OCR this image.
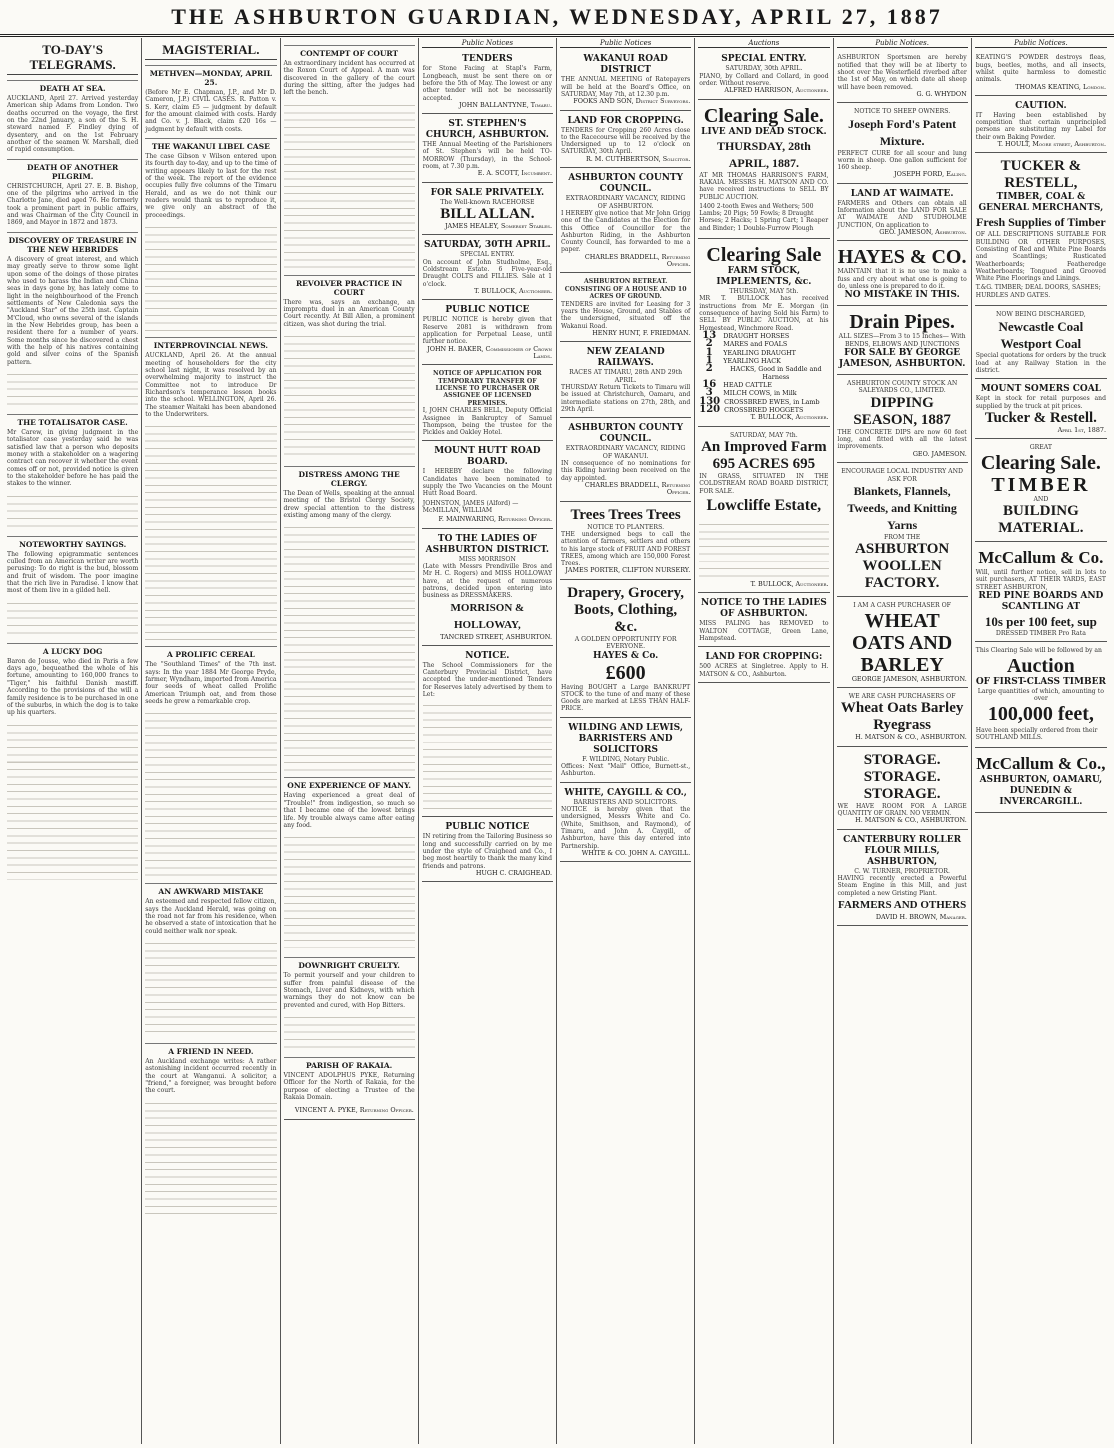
THE ASHBURTON GUARDIAN, WEDNESDAY, APRIL 27, 1887
TO-DAY'S TELEGRAMS.
DEATH AT SEA.

AUCKLAND, April 27. Arrived yesterday American ship Adams from London. Two deaths occurred on the voyage, the first on the 22nd January, a son of the S. H. steward named F. Findley dying of dysentery, and on the 1st February another of the seamen W. Marshall, died of rapid consumption.

DEATH OF ANOTHER PILGRIM.

CHRISTCHURCH, April 27. E. B. Bishop, one of the pilgrims who arrived in the Charlotte Jane, died aged 76. He formerly took a prominent part in public affairs, and was Chairman of the City Council in 1869, and Mayor in 1872 and 1873.

DISCOVERY OF TREASURE IN THE NEW HEBRIDES

A discovery of great interest, and which may greatly serve to throw some light upon some of the doings of those pirates who used to harass the Indian and China seas in days gone by, has lately come to light in the neighbourhood of the French settlements of New Caledonia says the "Auckland Star" of the 25th inst. Captain M'Cloud, who owns several of the islands in the New Hebrides group, has been a resident there for a number of years. Some months since he discovered a chest with the help of his natives containing gold and silver coins of the Spanish pattern.

THE TOTALISATOR CASE.

Mr Carew, in giving judgment in the totalisator case yesterday said he was satisfied law that a person who deposits money with a stakeholder on a wagering contract can recover it whether the event comes off or not, provided notice is given to the stakeholder before he has paid the stakes to the winner.

NOTEWORTHY SAYINGS.

The following epigrammatic sentences culled from an American writer are worth perusing: To do right is the bud, blossom and fruit of wisdom. The poor imagine that the rich live in Paradise. I know that most of them live in a gilded hell.

A LUCKY DOG

Baron de Jousse, who died in Paris a few days ago, bequeathed the whole of his fortune, amounting to 160,000 francs to "Tiger," his faithful Danish mastiff. According to the provisions of the will a family residence is to be purchased in one of the suburbs, in which the dog is to take up his quarters.

MAGISTERIAL.
METHVEN—MONDAY, APRIL 25.

(Before Mr E. Chapman, J.P., and Mr D. Cameron, J.P.) CIVIL CASES. R. Patton v. S. Kerr, claim £5 — judgment by default for the amount claimed with costs. Hardy and Co. v. J. Black, claim £20 16s — judgment by default with costs.

THE WAKANUI LIBEL CASE

The case Gibson v Wilson entered upon its fourth day to-day, and up to the time of writing appears likely to last for the rest of the week. The report of the evidence occupies fully five columns of the Timaru Herald, and as we do not think our readers would thank us to reproduce it, we give only an abstract of the proceedings.

INTERPROVINCIAL NEWS.

AUCKLAND, April 26. At the annual meeting of householders for the city school last night, it was resolved by an overwhelming majority to instruct the Committee not to introduce Dr Richardson's temperance lesson books into the school. WELLINGTON, April 26. The steamer Waitaki has been abandoned to the Underwriters.

A PROLIFIC CEREAL

The "Southland Times" of the 7th inst. says: In the year 1884 Mr George Pryde, farmer, Wyndham, imported from America four seeds of wheat called Prolific American Triumph oat, and from those seeds he grew a remarkable crop.

AN AWKWARD MISTAKE

An esteemed and respected fellow citizen, says the Auckland Herald, was going on the road not far from his residence, when he observed a state of intoxication that he could neither walk nor speak.

A FRIEND IN NEED.

An Auckland exchange writes: A rather astonishing incident occurred recently in the court at Wanganui. A solicitor, a "friend," a foreigner, was brought before the court.

CONTEMPT OF COURT

An extraordinary incident has occurred at the Roxon Court of Appeal. A man was discovered in the gallery of the court during the sitting, after the judges had left the bench.

REVOLVER PRACTICE IN COURT

There was, says an exchange, an impromptu duel in an American County Court recently. At Bill Allen, a prominent citizen, was shot during the trial.

DISTRESS AMONG THE CLERGY.

The Dean of Wells, speaking at the annual meeting of the Bristol Clergy Society, drew special attention to the distress existing among many of the clergy.

ONE EXPERIENCE OF MANY.

Having experienced a great deal of "Trouble!" from indigestion, so much so that I became one of the lowest brings life. My trouble always came after eating any food.

DOWNRIGHT CRUELTY.

To permit yourself and your children to suffer from painful disease of the Stomach, Liver and Kidneys, with which warnings they do not know can be prevented and cured, with Hop Bitters.

PARISH OF RAKAIA.

VINCENT ADOLPHUS PYKE, Returning Officer for the North of Rakaia, for the purpose of electing a Trustee of the Rakaia Domain.

VINCENT A. PYKE, Returning Officer.
Public Notices
TENDERS
for Stone Facing at Stapl's Farm, Longbeach, must be sent there on or before the 5th of May. The lowest or any other tender will not be necessarily accepted.
JOHN BALLANTYNE, Timaru.
ST. STEPHEN'S CHURCH, ASHBURTON.
THE Annual Meeting of the Parishioners of St. Stephen's will be held TO-MORROW (Thursday), in the School-room, at 7.30 p.m.
E. A. SCOTT, Incumbent.
FOR SALE PRIVATELY.
The Well-known RACEHORSE
BILL ALLAN.
JAMES HEALEY, Somerset Stables.
SATURDAY, 30TH APRIL.
SPECIAL ENTRY.
On account of John Studholme, Esq., Coldstream Estate. 6 Five-year-old Draught COLTS and FILLIES. Sale at 1 o'clock.
T. BULLOCK, Auctioneer.
PUBLIC NOTICE
PUBLIC NOTICE is hereby given that Reserve 2081 is withdrawn from application for Perpetual Lease, until further notice.
JOHN H. BAKER, Commissioner of Crown Lands.
NOTICE OF APPLICATION FOR TEMPORARY TRANSFER OF LICENSE TO PURCHASER OR ASSIGNEE OF LICENSED PREMISES.
I, JOHN CHARLES BELL, Deputy Official Assignee in Bankruptcy of Samuel Thompson, being the trustee for the Pickles and Oakley Hotel.
MOUNT HUTT ROAD BOARD.
I HEREBY declare the following Candidates have been nominated to supply the Two Vacancies on the Mount Hutt Road Board.
JOHNSTON, JAMES (Alford) — McMILLAN, WILLIAM
F. MAINWARING, Returning Officer.
TO THE LADIES OF ASHBURTON DISTRICT.
MISS MORRISON
(Late with Messrs Prendiville Bros and Mr H. C. Rogers) and MISS HOLLOWAY have, at the request of numerous patrons, decided upon entering into business as DRESSMAKERS.
MORRISON & HOLLOWAY,
TANCRED STREET, ASHBURTON.
NOTICE.
The School Commissioners for the Canterbury Provincial District, have accepted the under-mentioned Tenders for Reserves lately advertised by them to Let:
PUBLIC NOTICE
IN retiring from the Tailoring Business so long and successfully carried on by me under the style of Craighead and Co., I beg most heartily to thank the many kind friends and patrons.
HUGH C. CRAIGHEAD.
Public Notices
WAKANUI ROAD DISTRICT
THE ANNUAL MEETING of Ratepayers will be held at the Board's Office, on SATURDAY, May 7th, at 12.30 p.m.
FOOKS AND SON, District Surveyors.
LAND FOR CROPPING.
TENDERS for Cropping 260 Acres close to the Racecourse will be received by the Undersigned up to 12 o'clock on SATURDAY, 30th April.
R. M. CUTHBERTSON, Solicitor.
ASHBURTON COUNTY COUNCIL.
EXTRAORDINARY VACANCY, RIDING OF ASHBURTON.
I HEREBY give notice that Mr John Grigg one of the Candidates at the Election for this Office of Councillor for the Ashburton Riding, in the Ashburton County Council, has forwarded to me a paper.
CHARLES BRADDELL, Returning Officer.
ASHBURTON RETREAT. CONSISTING OF A HOUSE AND 10 ACRES OF GROUND.
TENDERS are invited for Leasing for 3 years the House, Ground, and Stables of the undersigned, situated off the Wakanui Road.
HENRY HUNT, F. FRIEDMAN.
NEW ZEALAND RAILWAYS.
RACES AT TIMARU, 28th AND 29th APRIL.
THURSDAY Return Tickets to Timaru will be issued at Christchurch, Oamaru, and intermediate stations on 27th, 28th, and 29th April.
ASHBURTON COUNTY COUNCIL.
EXTRAORDINARY VACANCY, RIDING OF WAKANUI.
IN consequence of no nominations for this Riding having been received on the day appointed.
CHARLES BRADDELL, Returning Officer.
Trees Trees Trees
NOTICE TO PLANTERS.
THE undersigned begs to call the attention of farmers, settlers and others to his large stock of FRUIT AND FOREST TREES, among which are 150,000 Forest Trees.
JAMES PORTER, CLIFTON NURSERY.
Drapery, Grocery, Boots, Clothing, &c.
A GOLDEN OPPORTUNITY FOR EVERYONE.
HAYES & Co.
£600
Having BOUGHT a Large BANKRUPT STOCK to the tune of and many of these Goods are marked at LESS THAN HALF-PRICE.
WILDING AND LEWIS, BARRISTERS AND SOLICITORS
F. WILDING, Notary Public.
Offices: Next "Mail" Office, Burnett-st., Ashburton.
WHITE, CAYGILL & CO.,
BARRISTERS AND SOLICITORS.
NOTICE is hereby given that the undersigned, Messrs White and Co. (White, Smithson, and Raymond), of Timaru, and John A. Caygill, of Ashburton, have this day entered into Partnership.
WHITE & CO. JOHN A. CAYGILL.
Auctions
SPECIAL ENTRY.
SATURDAY, 30th APRIL.
PIANO, by Collard and Collard, in good order. Without reserve.
ALFRED HARRISON, Auctioneer.
Clearing Sale.
LIVE AND DEAD STOCK.
THURSDAY, 28th APRIL, 1887.
AT MR THOMAS HARRISON'S FARM, RAKAIA. MESSRS H. MATSON AND CO. have received instructions to SELL BY PUBLIC AUCTION.
1400 2-tooth Ewes and Wethers; 500 Lambs; 20 Pigs; 59 Fowls; 8 Draught Horses; 2 Hacks; 1 Spring Cart; 1 Reaper and Binder; 1 Double-Furrow Plough
Clearing Sale
FARM STOCK, IMPLEMENTS, &c.
THURSDAY, MAY 5th.
MR T. BULLOCK has received instructions from Mr E. Morgan (in consequence of having Sold his Farm) to SELL BY PUBLIC AUCTION, at his Homestead, Winchmore Road.
13	DRAUGHT HORSES
2	MARES and FOALS
1	YEARLING DRAUGHT
1	YEARLING HACK
2	HACKS, Good in Saddle and Harness
16	HEAD CATTLE
3	MILCH COWS, in Milk
130 CROSSBRED EWES, in Lamb
120 CROSSBRED HOGGETS
T. BULLOCK, Auctioneer.
SATURDAY, MAY 7th.
An Improved Farm
695 ACRES 695
IN GRASS, SITUATED IN THE COLDSTREAM ROAD BOARD DISTRICT, FOR SALE.
Lowcliffe Estate,
T. BULLOCK, Auctioneer.
NOTICE TO THE LADIES OF ASHBURTON.
MISS PALING has REMOVED to WALTON COTTAGE, Green Lane, Hampstead.
LAND FOR CROPPING:
500 ACRES at Singletree. Apply to H. MATSON & CO., Ashburton.
Public Notices.
ASHBURTON Sportsmen are hereby notified that they will be at liberty to shoot over the Westerfield riverbed after the 1st of May, on which date all sheep will have been removed.
G. G. WHYDON
NOTICE TO SHEEP OWNERS.
Joseph Ford's Patent Mixture.
PERFECT CURE for all scour and lung worm in sheep. One gallon sufficient for 160 sheep.
JOSEPH FORD, Ealing.
LAND AT WAIMATE.
FARMERS and Others can obtain all Information about the LAND FOR SALE AT WAIMATE AND STUDHOLME JUNCTION, On application to
GEO. JAMESON, Ashburton.
HAYES & CO.
MAINTAIN that it is no use to make a fuss and cry about what one is going to do, unless one is prepared to do it.
NO MISTAKE IN THIS.
Drain Pipes.
ALL SIZES—From 3 to 15 Inches— With BENDS, ELBOWS AND JUNCTIONS
FOR SALE BY GEORGE JAMESON, ASHBURTON.
ASHBURTON COUNTY STOCK AN SALEYARDS CO., LIMITED.
DIPPING SEASON, 1887
THE CONCRETE DIPS are now 60 feet long, and fitted with all the latest improvements.
GEO. JAMESON.
ENCOURAGE LOCAL INDUSTRY AND ASK FOR
Blankets, Flannels, Tweeds, and Knitting Yarns
FROM THE
ASHBURTON WOOLLEN FACTORY.
I AM A CASH PURCHASER OF
WHEAT OATS AND BARLEY
GEORGE JAMESON, ASHBURTON.
WE ARE CASH PURCHASERS OF
Wheat Oats Barley Ryegrass
H. MATSON & CO., ASHBURTON.
STORAGE. STORAGE. STORAGE.
WE HAVE ROOM FOR A LARGE QUANTITY OF GRAIN. NO VERMIN.
H. MATSON & CO., ASHBURTON.
CANTERBURY ROLLER FLOUR MILLS, ASHBURTON,
C. W. TURNER, PROPRIETOR.
HAVING recently erected a Powerful Steam Engine in this Mill, and just completed a new Gristing Plant.
FARMERS AND OTHERS
DAVID H. BROWN, Manager.
Public Notices.
KEATING'S POWDER destroys fleas, bugs, beetles, moths, and all insects, whilst quite harmless to domestic animals.
THOMAS KEATING, London.
CAUTION.
IT Having been established by competition that certain unprincipled persons are substituting my Label for their own Baking Powder.
T. HOULT, Moore street, Ashburton.
TUCKER & RESTELL,
TIMBER, COAL & GENERAL MERCHANTS,
Fresh Supplies of Timber
OF ALL DESCRIPTIONS SUITABLE FOR BUILDING OR OTHER PURPOSES, Consisting of Red and White Pine Boards and Scantlings; Rusticated Weatherboards; Featheredge Weatherboards; Tongued and Grooved White Pine Floorings and Linings.
T.&G. TIMBER; DEAL DOORS, SASHES; HURDLES AND GATES.
NOW BEING DISCHARGED,
Newcastle Coal
Westport Coal
Special quotations for orders by the truck load at any Railway Station in the district.
MOUNT SOMERS COAL
Kept in stock for retail purposes and supplied by the truck at pit prices.
Tucker & Restell.
April 1st, 1887.
GREAT
Clearing Sale.
TIMBER
AND
BUILDING MATERIAL.
McCallum & Co.
Will, until further notice, sell in lots to suit purchasers, AT THEIR YARDS, EAST STREET ASHBURTON,
RED PINE BOARDS AND SCANTLING AT
10s per 100 feet, sup
DRESSED TIMBER Pro Rata
This Clearing Sale will be followed by an
Auction
OF FIRST-CLASS TIMBER
Large quantities of which, amounting to over
100,000 feet,
Have been specially ordered from their SOUTHLAND MILLS.
McCallum & Co.,
ASHBURTON, OAMARU, DUNEDIN & INVERCARGILL.
